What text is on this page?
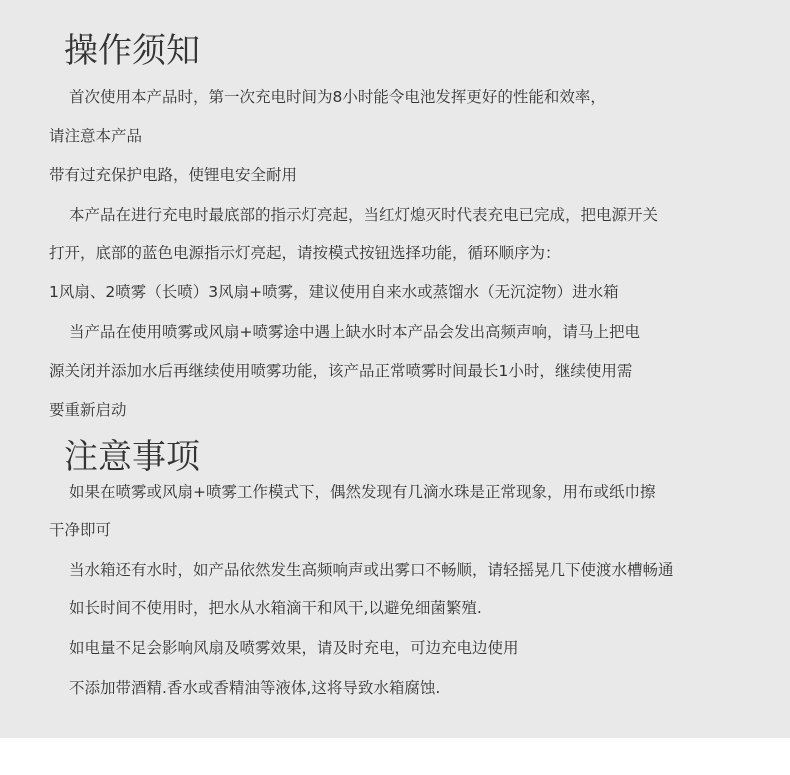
操作须知

首次使用本产品时，第一次充电时间为8小时能令电池发挥更好的性能和效率，

请注意本产品

带有过充保护电路，使锂电安全耐用

本产品在进行充电时最底部的指示灯亮起，当红灯熄灭时代表充电已完成，把电源开关

打开，底部的蓝色电源指示灯亮起，请按模式按钮选择功能，循环顺序为：

1风扇、2喷雾（长喷）3风扇+喷雾，建议使用自来水或蒸馏水（无沉淀物）进水箱

当产品在使用喷雾或风扇+喷雾途中遇上缺水时本产品会发出高频声响，请马上把电

源关闭并添加水后再继续使用喷雾功能，该产品正常喷雾时间最长1小时，继续使用需

要重新启动

注意事项

如果在喷雾或风扇+喷雾工作模式下，偶然发现有几滴水珠是正常现象，用布或纸巾擦

干净即可

当水箱还有水时，如产品依然发生高频响声或出雾口不畅顺，请轻摇晃几下使渡水槽畅通

如长时间不使用时，把水从水箱滴干和风干,以避免细菌繁殖.

如电量不足会影响风扇及喷雾效果，请及时充电，可边充电边使用

不添加带酒精.香水或香精油等液体,这将导致水箱腐蚀.
